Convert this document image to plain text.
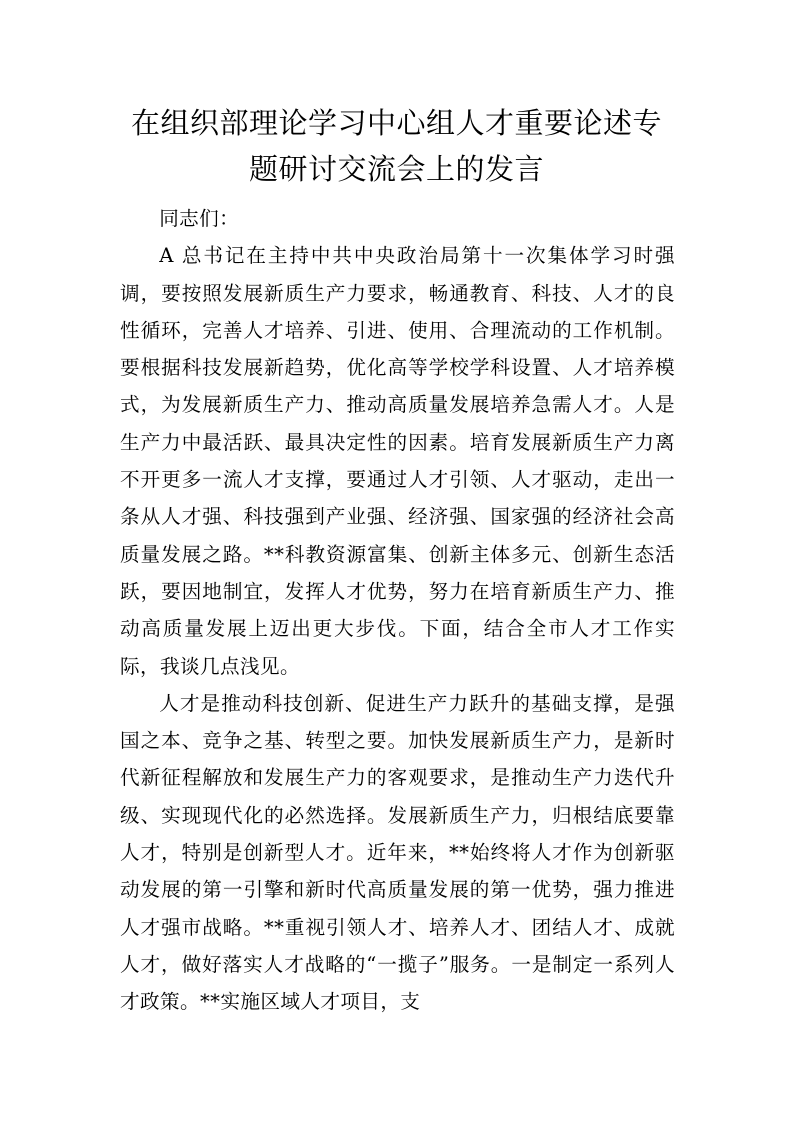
在组织部理论学习中心组人才重要论述专
题研讨交流会上的发言

同志们：

A 总书记在主持中共中央政治局第十一次集体学习时强调，要按照发展新质生产力要求，畅通教育、科技、人才的良性循环，完善人才培养、引进、使用、合理流动的工作机制。要根据科技发展新趋势，优化高等学校学科设置、人才培养模式，为发展新质生产力、推动高质量发展培养急需人才。人是生产力中最活跃、最具决定性的因素。培育发展新质生产力离不开更多一流人才支撑，要通过人才引领、人才驱动，走出一条从人才强、科技强到产业强、经济强、国家强的经济社会高质量发展之路。**科教资源富集、创新主体多元、创新生态活跃，要因地制宜，发挥人才优势，努力在培育新质生产力、推动高质量发展上迈出更大步伐。下面，结合全市人才工作实际，我谈几点浅见。

人才是推动科技创新、促进生产力跃升的基础支撑，是强国之本、竞争之基、转型之要。加快发展新质生产力，是新时代新征程解放和发展生产力的客观要求，是推动生产力迭代升级、实现现代化的必然选择。发展新质生产力，归根结底要靠人才，特别是创新型人才。近年来，**始终将人才作为创新驱动发展的第一引擎和新时代高质量发展的第一优势，强力推进人才强市战略。**重视引领人才、培养人才、团结人才、成就人才，做好落实人才战略的“一揽子”服务。一是制定一系列人才政策。**实施区域人才项目，支
